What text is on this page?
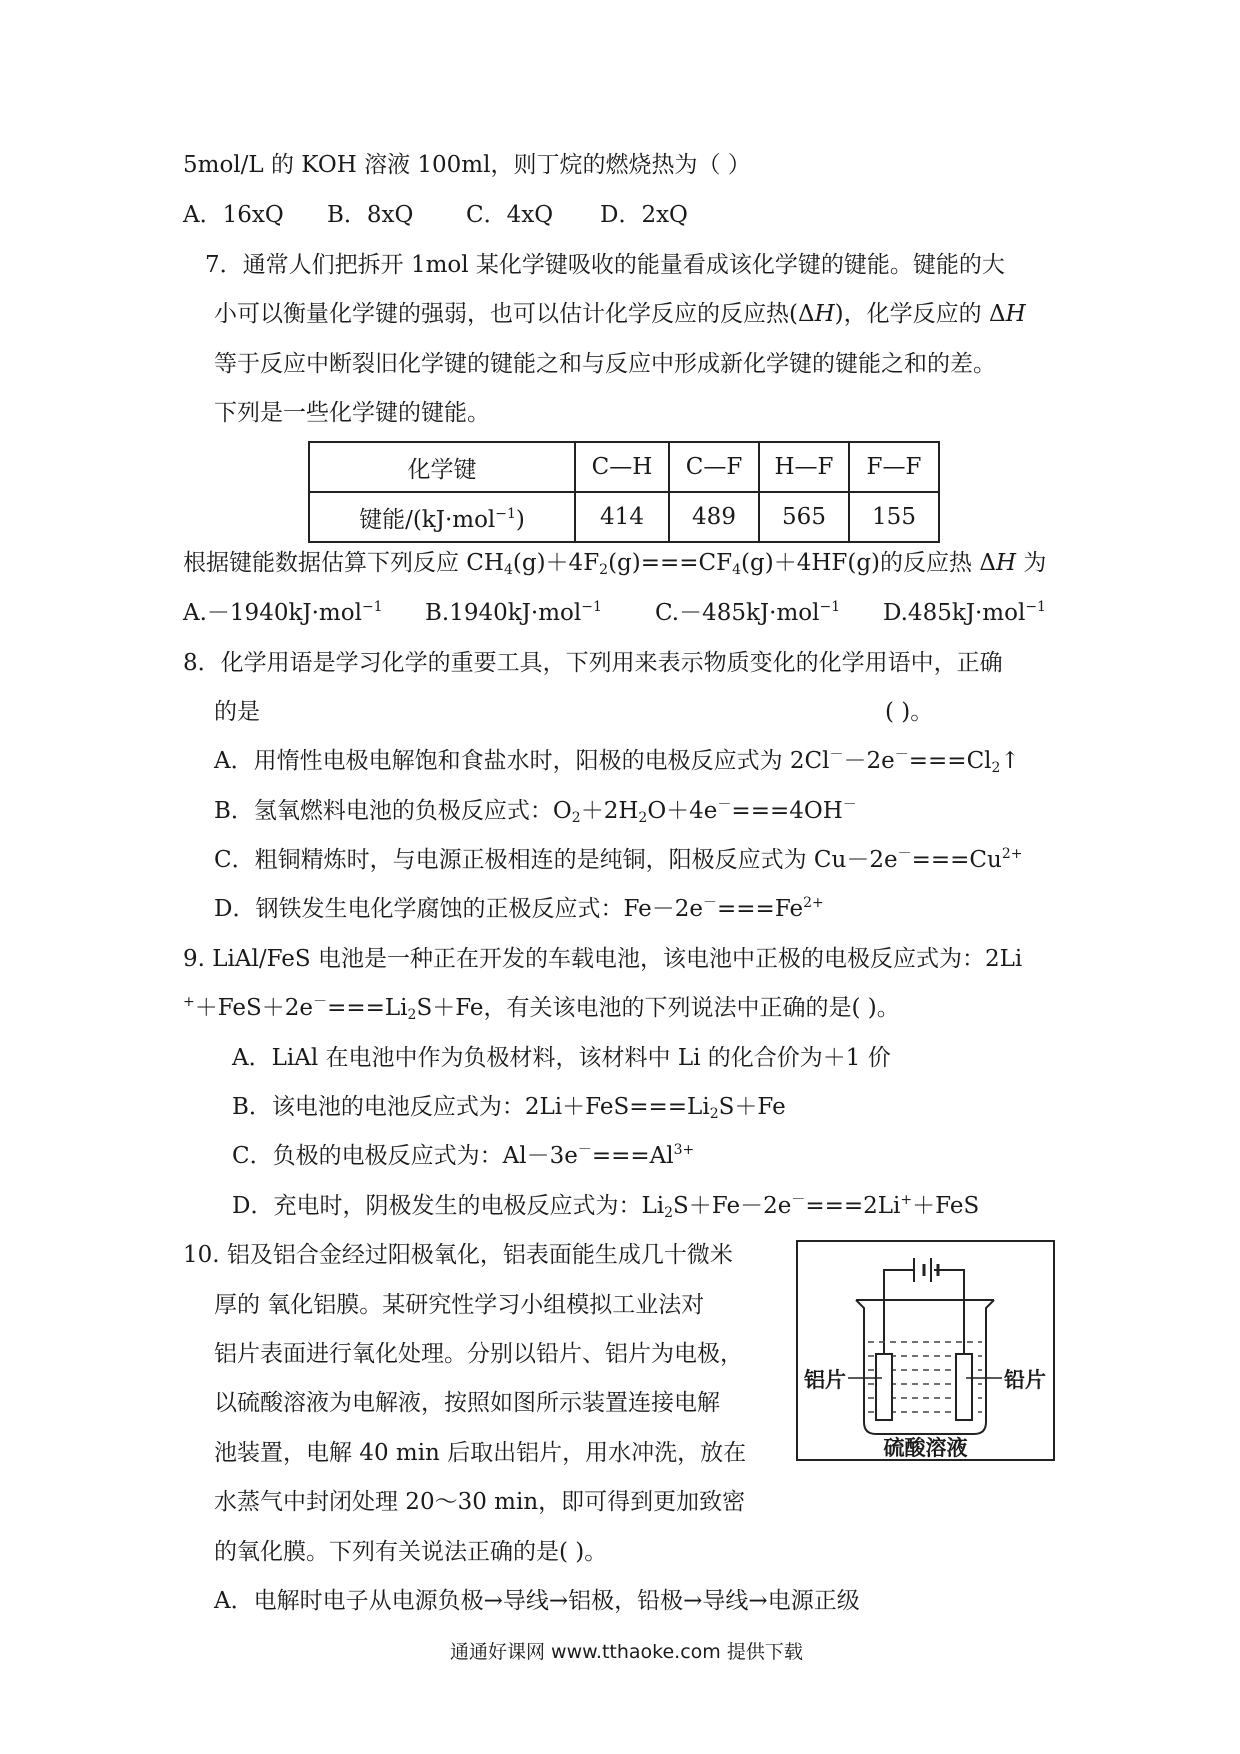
5mol/L 的 KOH 溶液 100ml，则丁烷的燃烧热为（ ）
A．16xQ B．8xQ C．4xQ D．2xQ
7．通常人们把拆开 1mol 某化学键吸收的能量看成该化学键的键能。键能的大
小可以衡量化学键的强弱，也可以估计化学反应的反应热(ΔH)，化学反应的 ΔH
等于反应中断裂旧化学键的键能之和与反应中形成新化学键的键能之和的差。
下列是一些化学键的键能。
化学键	C—H	C—F	H—F	F—F
键能/(kJ·mol$^{-1}$)	414	489	565	155
根据键能数据估算下列反应 $CH_4(g)+4F_2(g)===CF_4(g)+4HF(g)$的反应热 ΔH 为
A.－1940kJ·mol$^{-1}$ B.1940kJ·mol$^{-1}$ C.－485kJ·mol$^{-1}$ D.485kJ·mol$^{-1}$
8．化学用语是学习化学的重要工具，下列用来表示物质变化的化学用语中，正确
的是	( )。
A．用惰性电极电解饱和食盐水时，阳极的电极反应式为 $2Cl^--2e^-===Cl_2↑$
B．氢氧燃料电池的负极反应式：$O_2+2H_2O+4e^-===4OH^-$
C．粗铜精炼时，与电源正极相连的是纯铜，阳极反应式为 $Cu-2e^-===Cu^{2+}$
D．钢铁发生电化学腐蚀的正极反应式：$Fe-2e^-===Fe^{2+}$
9. LiAl/FeS 电池是一种正在开发的车载电池，该电池中正极的电极反应式为：2Li
$^++FeS+2e^-===Li_2S+Fe$，有关该电池的下列说法中正确的是( )。
A．LiAl 在电池中作为负极材料，该材料中 Li 的化合价为＋1 价
B．该电池的电池反应式为：$2Li+FeS===Li_2S+Fe$
C．负极的电极反应式为：$Al-3e^-===Al^{3+}$
D．充电时，阴极发生的电极反应式为：$Li_2S+Fe-2e^-===2Li^++FeS$
10. 铝及铝合金经过阳极氧化，铝表面能生成几十微米
厚的 氧化铝膜。某研究性学习小组模拟工业法对
铝片表面进行氧化处理。分别以铅片、铝片为电极，
以硫酸溶液为电解液，按照如图所示装置连接电解
池装置，电解 40 min 后取出铝片，用水冲洗，放在
水蒸气中封闭处理 20～30 min，即可得到更加致密
的氧化膜。下列有关说法正确的是( )。
A．电解时电子从电源负极→导线→铝极，铅极→导线→电源正级
铝片	铅片
硫酸溶液
通通好课网 www.tthaoke.com 提供下载
